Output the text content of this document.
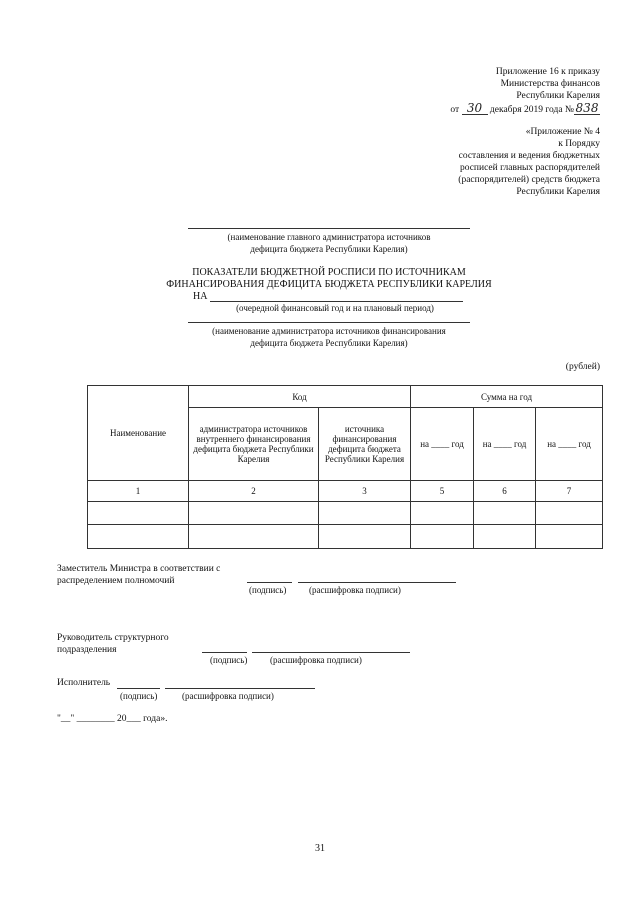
Приложение 16 к приказу
Министерства финансов
Республики Карелия
от 30 декабря 2019 года № 838
«Приложение № 4
к Порядку
составления и ведения бюджетных
росписей главных распорядителей
(распорядителей) средств бюджета
Республики Карелия
(наименование главного администратора источников
дефицита бюджета Республики Карелия)
ПОКАЗАТЕЛИ БЮДЖЕТНОЙ РОСПИСИ ПО ИСТОЧНИКАМ
ФИНАНСИРОВАНИЯ ДЕФИЦИТА БЮДЖЕТА РЕСПУБЛИКИ КАРЕЛИЯ
НА
(очередной финансовый год и на плановый период)
(наименование администратора источников финансирования
дефицита бюджета Республики Карелия)
(рублей)
Наименование	Код		Сумма на год		
	администратора источников внутреннего финансирования дефицита бюджета Республики Карелия	источника финансирования дефицита бюджета Республики Карелия	на ____ год	на ____ год	на ____ год
1	2	3	5	6	7

Заместитель Министра в соответствии с
распределением полномочий
(подпись)	(расшифровка подписи)
Руководитель структурного
подразделения
(подпись)	(расшифровка подписи)
Исполнитель
(подпись)	(расшифровка подписи)
"__" ________ 20___ года».
31
